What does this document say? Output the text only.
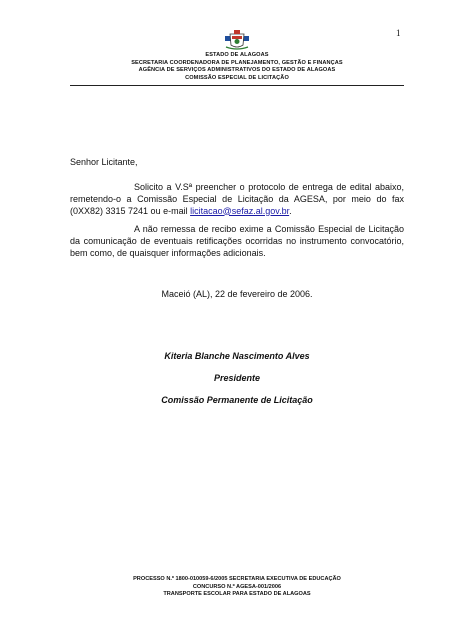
1
ESTADO DE ALAGOAS
SECRETARIA COORDENADORA DE PLANEJAMENTO, GESTÃO E FINANÇAS
AGÊNCIA DE SERVIÇOS ADMINISTRATIVOS DO ESTADO DE ALAGOAS
COMISSÃO ESPECIAL DE LICITAÇÃO
Senhor Licitante,
Solicito a V.Sª preencher o protocolo de entrega de edital abaixo, remetendo-o a Comissão Especial de Licitação da AGESA, por meio do fax (0XX82) 3315 7241 ou e-mail licitacao@sefaz.al.gov.br.
A não remessa de recibo exime a Comissão Especial de Licitação da comunicação de eventuais retificações ocorridas no instrumento convocatório, bem como, de quaisquer informações adicionais.
Maceió (AL), 22 de fevereiro de 2006.
Kiteria Blanche Nascimento Alves
Presidente
Comissão Permanente de Licitação
PROCESSO N.º 1800-010059-6/2005 SECRETARIA EXECUTIVA DE EDUCAÇÃO
CONCURSO N.º AGESA-001/2006
TRANSPORTE ESCOLAR PARA ESTADO DE ALAGOAS
